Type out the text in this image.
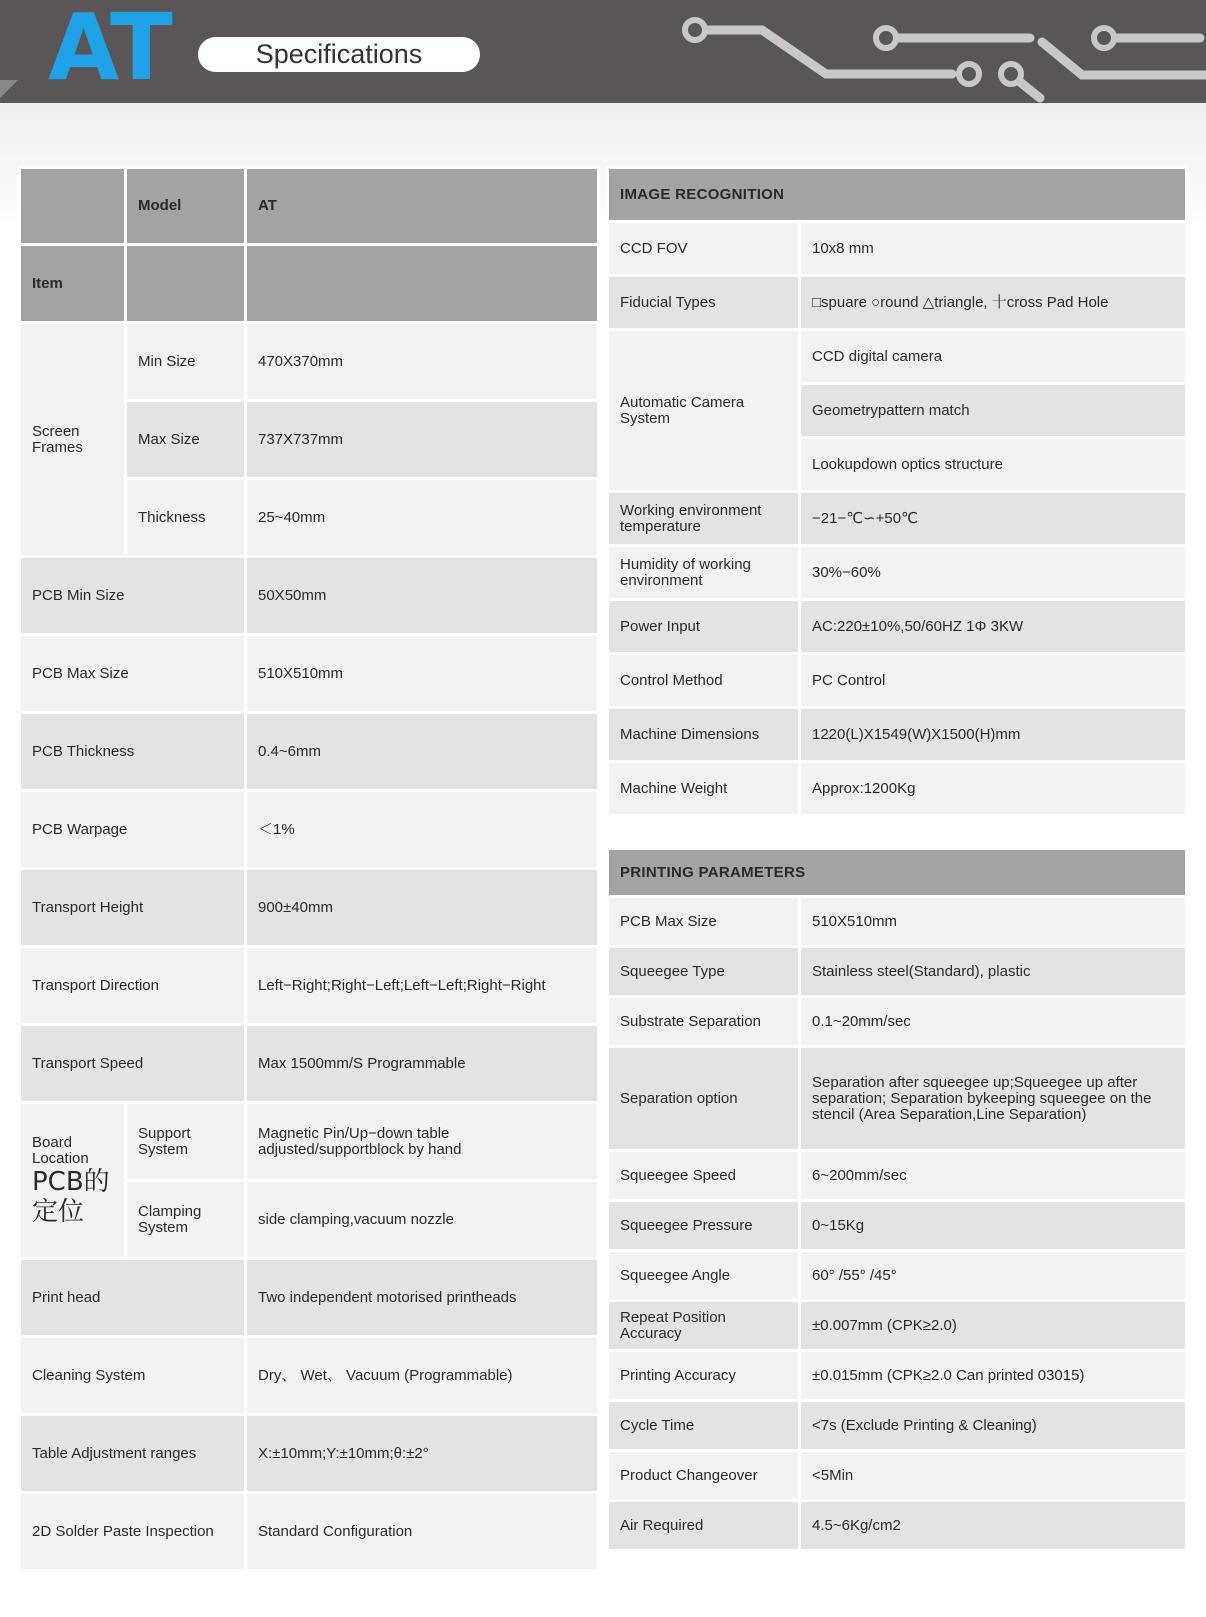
AT	Specifications
	Model	AT
Item		
Screen Frames	Min Size	470X370mm
	Max Size	737X737mm
	Thickness	25~40mm
PCB Min Size		50X50mm
PCB Max Size		510X510mm
PCB Thickness		0.4~6mm
PCB Warpage		＜1%
Transport Height		900±40mm
Transport Direction		Left−Right;Right−Left;Left−Left;Right−Right
Transport Speed		Max 1500mm/S Programmable

Board Location
PCB的定位	Support System	Magnetic Pin/Up−down table adjusted/supportblock by hand
	Clamping System	side clamping,vacuum nozzle
Print head		Two independent motorised printheads
Cleaning System		Dry、 Wet、 Vacuum (Programmable)
Table Adjustment ranges		X:±10mm;Y:±10mm;θ:±2°
2D Solder Paste Inspection		Standard Configuration
IMAGE RECOGNITION	
CCD FOV	10x8 mm
Fiducial Types	□spuare ○round △triangle, 十cross Pad Hole
Automatic Camera System	CCD digital camera
	Geometrypattern match
	Lookupdown optics structure
Working environment temperature	−21−℃∽+50℃
Humidity of working environment	30%−60%
Power Input	AC:220±10%,50/60HZ 1Φ 3KW
Control Method	PC Control
Machine Dimensions	1220(L)X1549(W)X1500(H)mm
Machine Weight	Approx:1200Kg
PRINTING PARAMETERS	
PCB Max Size	510X510mm
Squeegee Type	Stainless steel(Standard), plastic
Substrate Separation	0.1~20mm/sec
Separation option	Separation after squeegee up;Squeegee up after separation; Separation bykeeping squeegee on the stencil (Area Separation,Line Separation)
Squeegee Speed	6~200mm/sec
Squeegee Pressure	0~15Kg
Squeegee Angle	60° /55° /45°
Repeat Position Accuracy	±0.007mm (CPK≥2.0)
Printing Accuracy	±0.015mm (CPK≥2.0 Can printed 03015)
Cycle Time	<7s (Exclude Printing & Cleaning)
Product Changeover	<5Min
Air Required	4.5~6Kg/cm2
